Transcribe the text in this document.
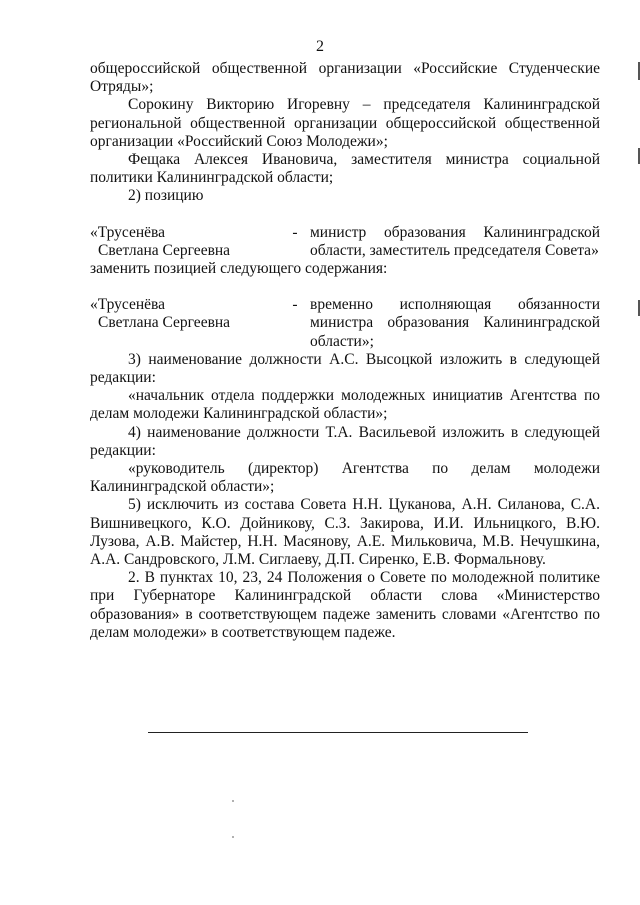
2

общероссийской общественной организации «Российские Студенческие Отряды»;

Сорокину Викторию Игоревну – председателя Калининградской региональной общественной организации общероссийской общественной организации «Российский Союз Молодежи»;

Фещака Алексея Ивановича, заместителя министра социальной политики Калининградской области;

2) позицию

«Трусенёва
Светлана Сергеевна
- министр образования Калининградской области, заместитель председателя Совета»

заменить позицией следующего содержания:

«Трусенёва
Светлана Сергеевна
- временно исполняющая обязанности министра образования Калининградской области»;

3) наименование должности А.С. Высоцкой изложить в следующей редакции:

«начальник отдела поддержки молодежных инициатив Агентства по делам молодежи Калининградской области»;

4) наименование должности Т.А. Васильевой изложить в следующей редакции:

«руководитель (директор) Агентства по делам молодежи Калининградской области»;

5) исключить из состава Совета Н.Н. Цуканова, А.Н. Силанова, С.А. Вишнивецкого, К.О. Дойникову, С.З. Закирова, И.И. Ильницкого, В.Ю. Лузова, А.В. Майстер, Н.Н. Масянову, А.Е. Мильковича, М.В. Нечушкина, А.А. Сандровского, Л.М. Сиглаеву, Д.П. Сиренко, Е.В. Формальнову.

2. В пунктах 10, 23, 24 Положения о Совете по молодежной политике при Губернаторе Калининградской области слова «Министерство образования» в соответствующем падеже заменить словами «Агентство по делам молодежи» в соответствующем падеже.
